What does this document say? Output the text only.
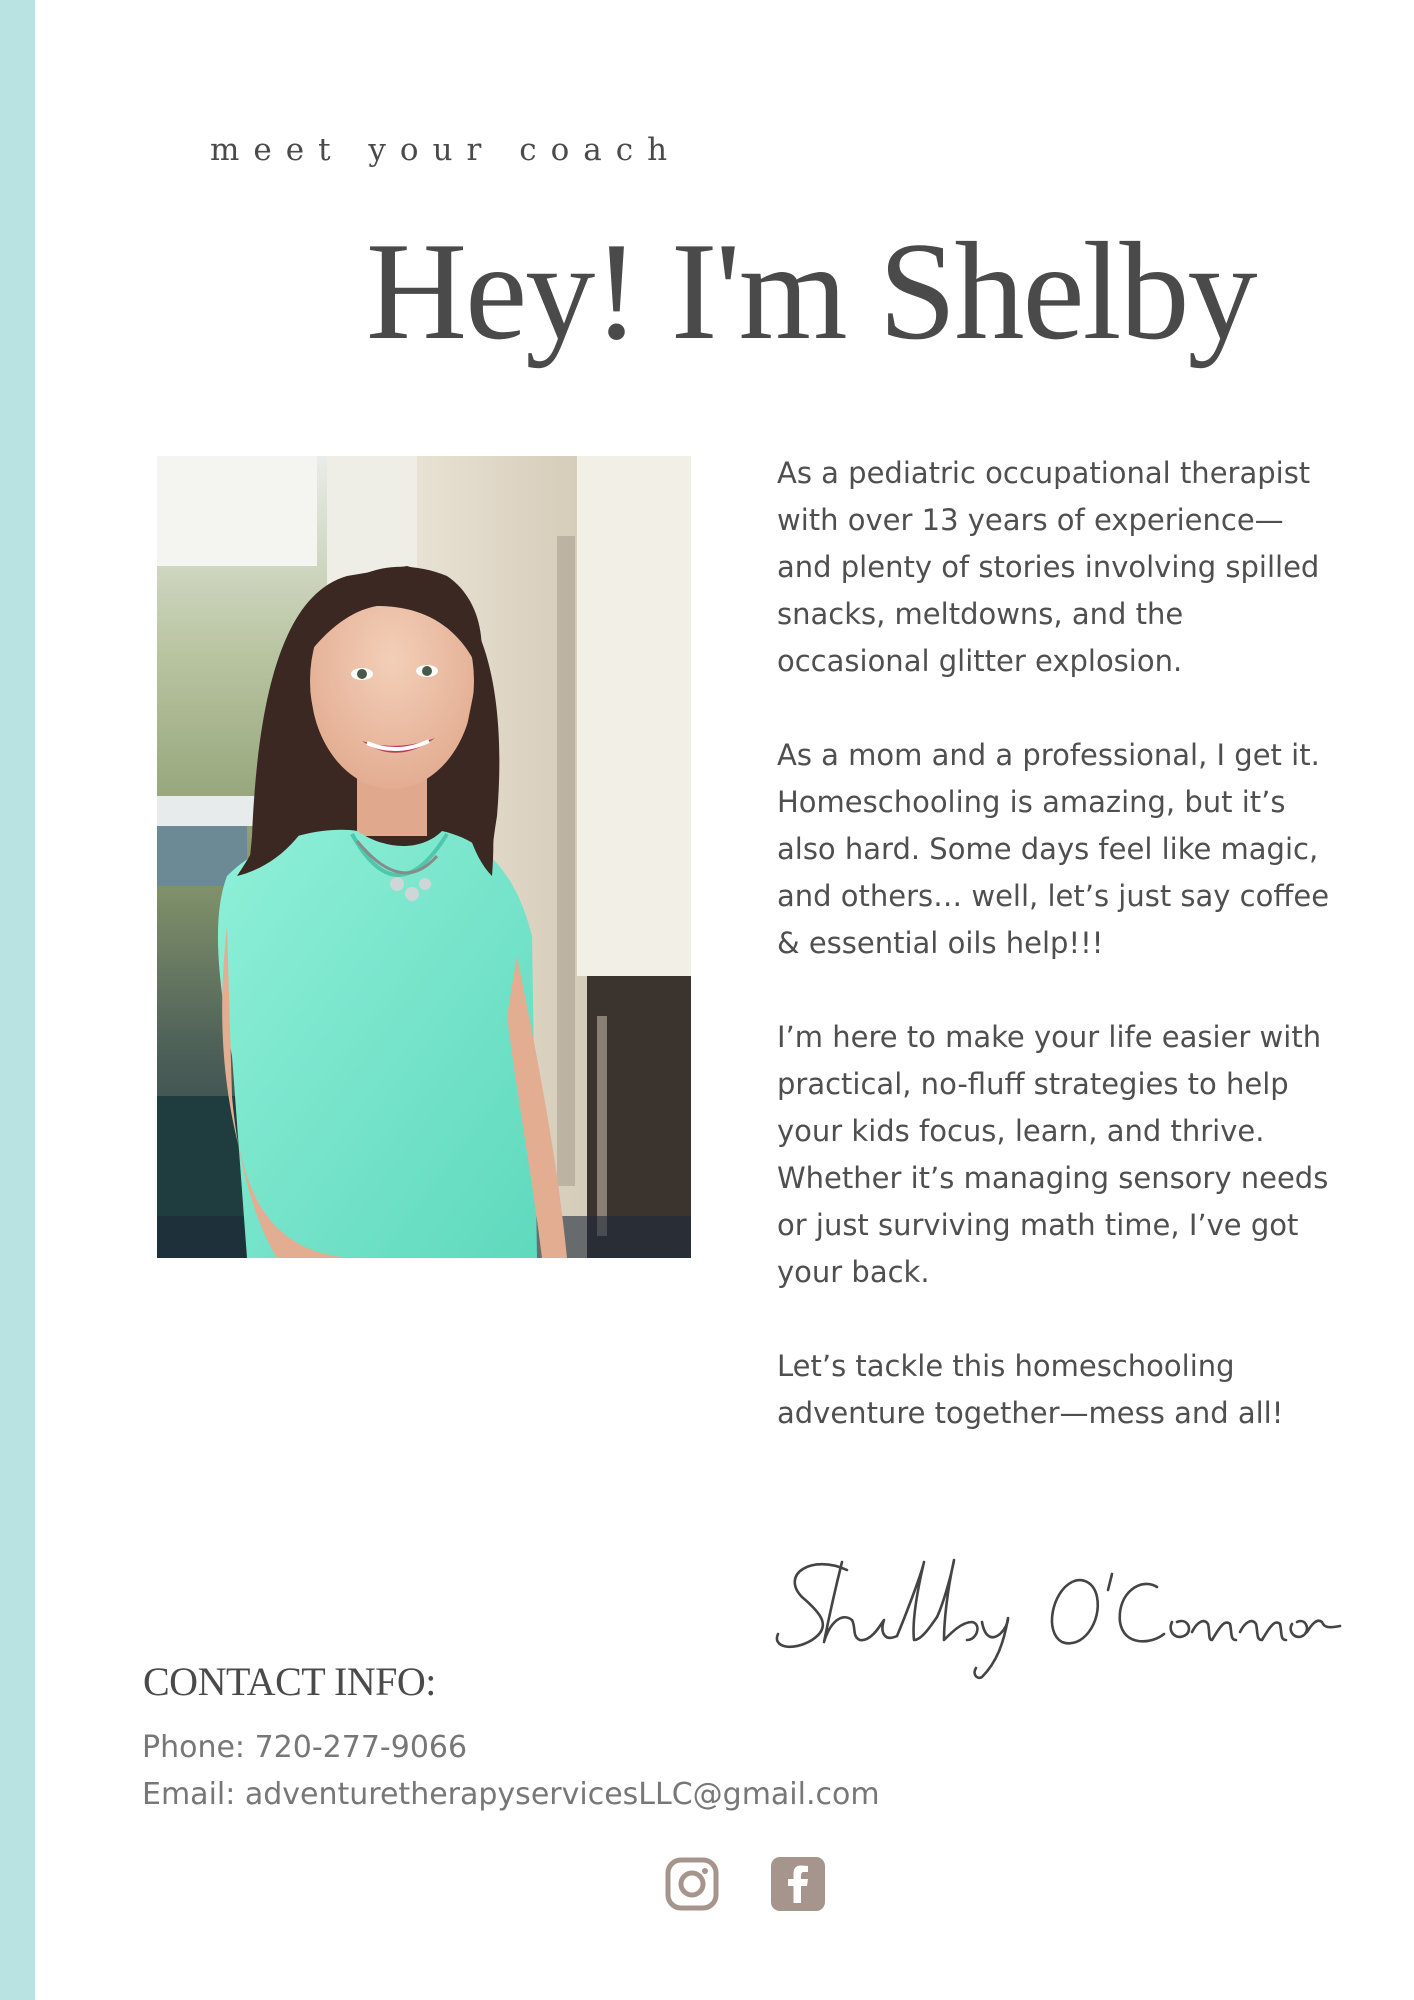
meet your coach
Hey! I'm Shelby

As a pediatric occupational therapist with over 13 years of experience—and plenty of stories involving spilled snacks, meltdowns, and the occasional glitter explosion.

As a mom and a professional, I get it. Homeschooling is amazing, but it’s also hard. Some days feel like magic, and others… well, let’s just say coffee & essential oils help!!!

I’m here to make your life easier with practical, no-fluff strategies to help your kids focus, learn, and thrive. Whether it’s managing sensory needs or just surviving math time, I’ve got your back.

Let’s tackle this homeschooling adventure together—mess and all!

CONTACT INFO:
Phone: 720-277-9066
Email: adventuretherapyservicesLLC@gmail.com
